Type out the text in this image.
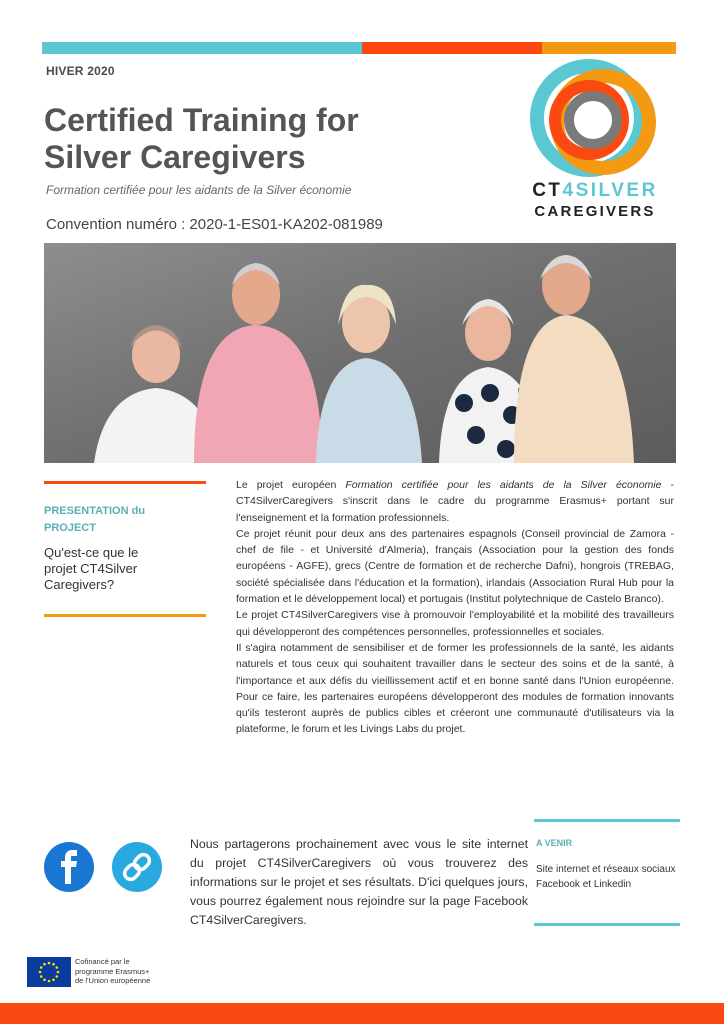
HIVER 2020
Certified Training for
Silver Caregivers
Formation certifiée pour les aidants de la Silver économie
Convention numéro : 2020-1-ES01-KA202-081989
CT4SILVER
CAREGIVERS
PRESENTATION du
PROJECT
Qu'est-ce que le projet CT4Silver Caregivers?

Le projet européen Formation certifiée pour les aidants de la Silver économie - CT4SilverCaregivers s'inscrit dans le cadre du programme Erasmus+ portant sur l'enseignement et la formation professionnels.

Ce projet réunit pour deux ans des partenaires espagnols (Conseil provincial de Zamora - chef de file - et Université d'Almeria), français (Association pour la gestion des fonds européens - AGFE), grecs (Centre de formation et de recherche Dafni), hongrois (TREBAG, société spécialisée dans l'éducation et la formation), irlandais (Association Rural Hub pour la formation et le développement local) et portugais (Institut polytechnique de Castelo Branco).

Le projet CT4SilverCaregivers vise à promouvoir l'employabilité et la mobilité des travailleurs qui développeront des compétences personnelles, professionnelles et sociales.

Il s'agira notamment de sensibiliser et de former les professionnels de la santé, les aidants naturels et tous ceux qui souhaitent travailler dans le secteur des soins et de la santé, à l'importance et aux défis du vieillissement actif et en bonne santé dans l'Union européenne. Pour ce faire, les partenaires européens développeront des modules de formation innovants qu'ils testeront auprès de publics cibles et créeront une communauté d'utilisateurs via la plateforme, le forum et les Livings Labs du projet.

Nous partagerons prochainement avec vous le site internet du projet CT4SilverCaregivers où vous trouverez des informations sur le projet et ses résultats. D'ici quelques jours, vous pourrez également nous rejoindre sur la page Facebook CT4SilverCaregivers.
A VENIR
Site internet et réseaux sociaux Facebook et Linkedin
Cofinancé par le
programme Erasmus+
de l'Union européenne
